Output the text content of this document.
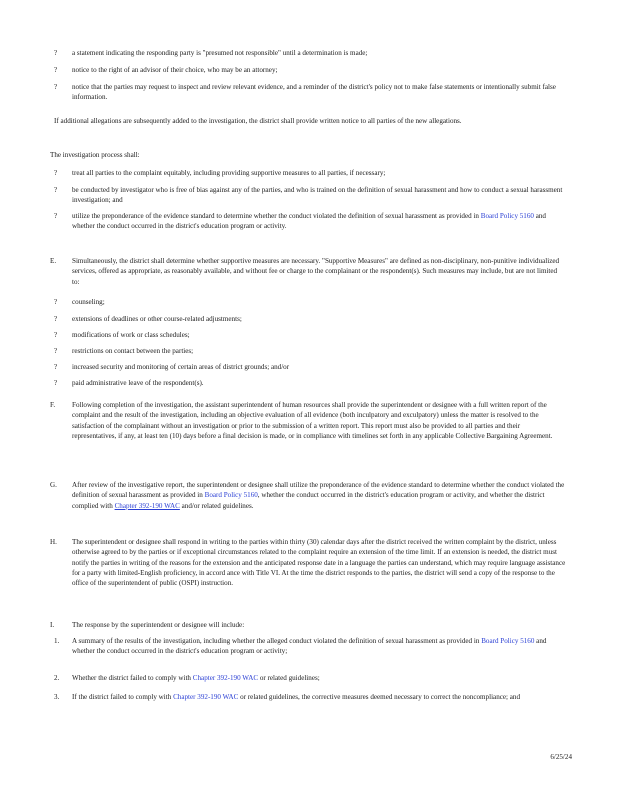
? a statement indicating the responding party is "presumed not responsible" until a determination is made;

? notice to the right of an advisor of their choice, who may be an attorney;

? notice that the parties may request to inspect and review relevant evidence, and a reminder of the district's policy not to make false statements or intentionally submit false information.

If additional allegations are subsequently added to the investigation, the district shall provide written notice to all parties of the new allegations.

The investigation process shall:

? treat all parties to the complaint equitably, including providing supportive measures to all parties, if necessary;

? be conducted by investigator who is free of bias against any of the parties, and who is trained on the definition of sexual harassment and how to conduct a sexual harassment investigation; and

? utilize the preponderance of the evidence standard to determine whether the conduct violated the definition of sexual harassment as provided in Board Policy 5160 and whether the conduct occurred in the district's education program or activity.

E. Simultaneously, the district shall determine whether supportive measures are necessary. "Supportive Measures" are defined as non-disciplinary, non-punitive individualized services, offered as appropriate, as reasonably available, and without fee or charge to the complainant or the respondent(s). Such measures may include, but are not limited to:

? counseling;

? extensions of deadlines or other course-related adjustments;

? modifications of work or class schedules;

? restrictions on contact between the parties;

? increased security and monitoring of certain areas of district grounds; and/or

? paid administrative leave of the respondent(s).

F. Following completion of the investigation, the assistant superintendent of human resources shall provide the superintendent or designee with a full written report of the complaint and the result of the investigation, including an objective evaluation of all evidence (both inculpatory and exculpatory) unless the matter is resolved to the satisfaction of the complainant without an investigation or prior to the submission of a written report. This report must also be provided to all parties and their representatives, if any, at least ten (10) days before a final decision is made, or in compliance with timelines set forth in any applicable Collective Bargaining Agreement.

G. After review of the investigative report, the superintendent or designee shall utilize the preponderance of the evidence standard to determine whether the conduct violated the definition of sexual harassment as provided in Board Policy 5160, whether the conduct occurred in the district's education program or activity, and whether the district complied with Chapter 392-190 WAC and/or related guidelines.

H. The superintendent or designee shall respond in writing to the parties within thirty (30) calendar days after the district received the written complaint by the district, unless otherwise agreed to by the parties or if exceptional circumstances related to the complaint require an extension of the time limit. If an extension is needed, the district must notify the parties in writing of the reasons for the extension and the anticipated response date in a language the parties can understand, which may require language assistance for a party with limited-English proficiency, in accord ance with Title VI. At the time the district responds to the parties, the district will send a copy of the response to the office of the superintendent of public (OSPI) instruction.

I.	The response by the superintendent or designee will include:

1. A summary of the results of the investigation, including whether the alleged conduct violated the definition of sexual harassment as provided in Board Policy 5160 and whether the conduct occurred in the district's education program or activity;

2. Whether the district failed to comply with Chapter 392-190 WAC or related guidelines;

3. If the district failed to comply with Chapter 392-190 WAC or related guidelines, the corrective measures deemed necessary to correct the noncompliance; and

6/25/24
